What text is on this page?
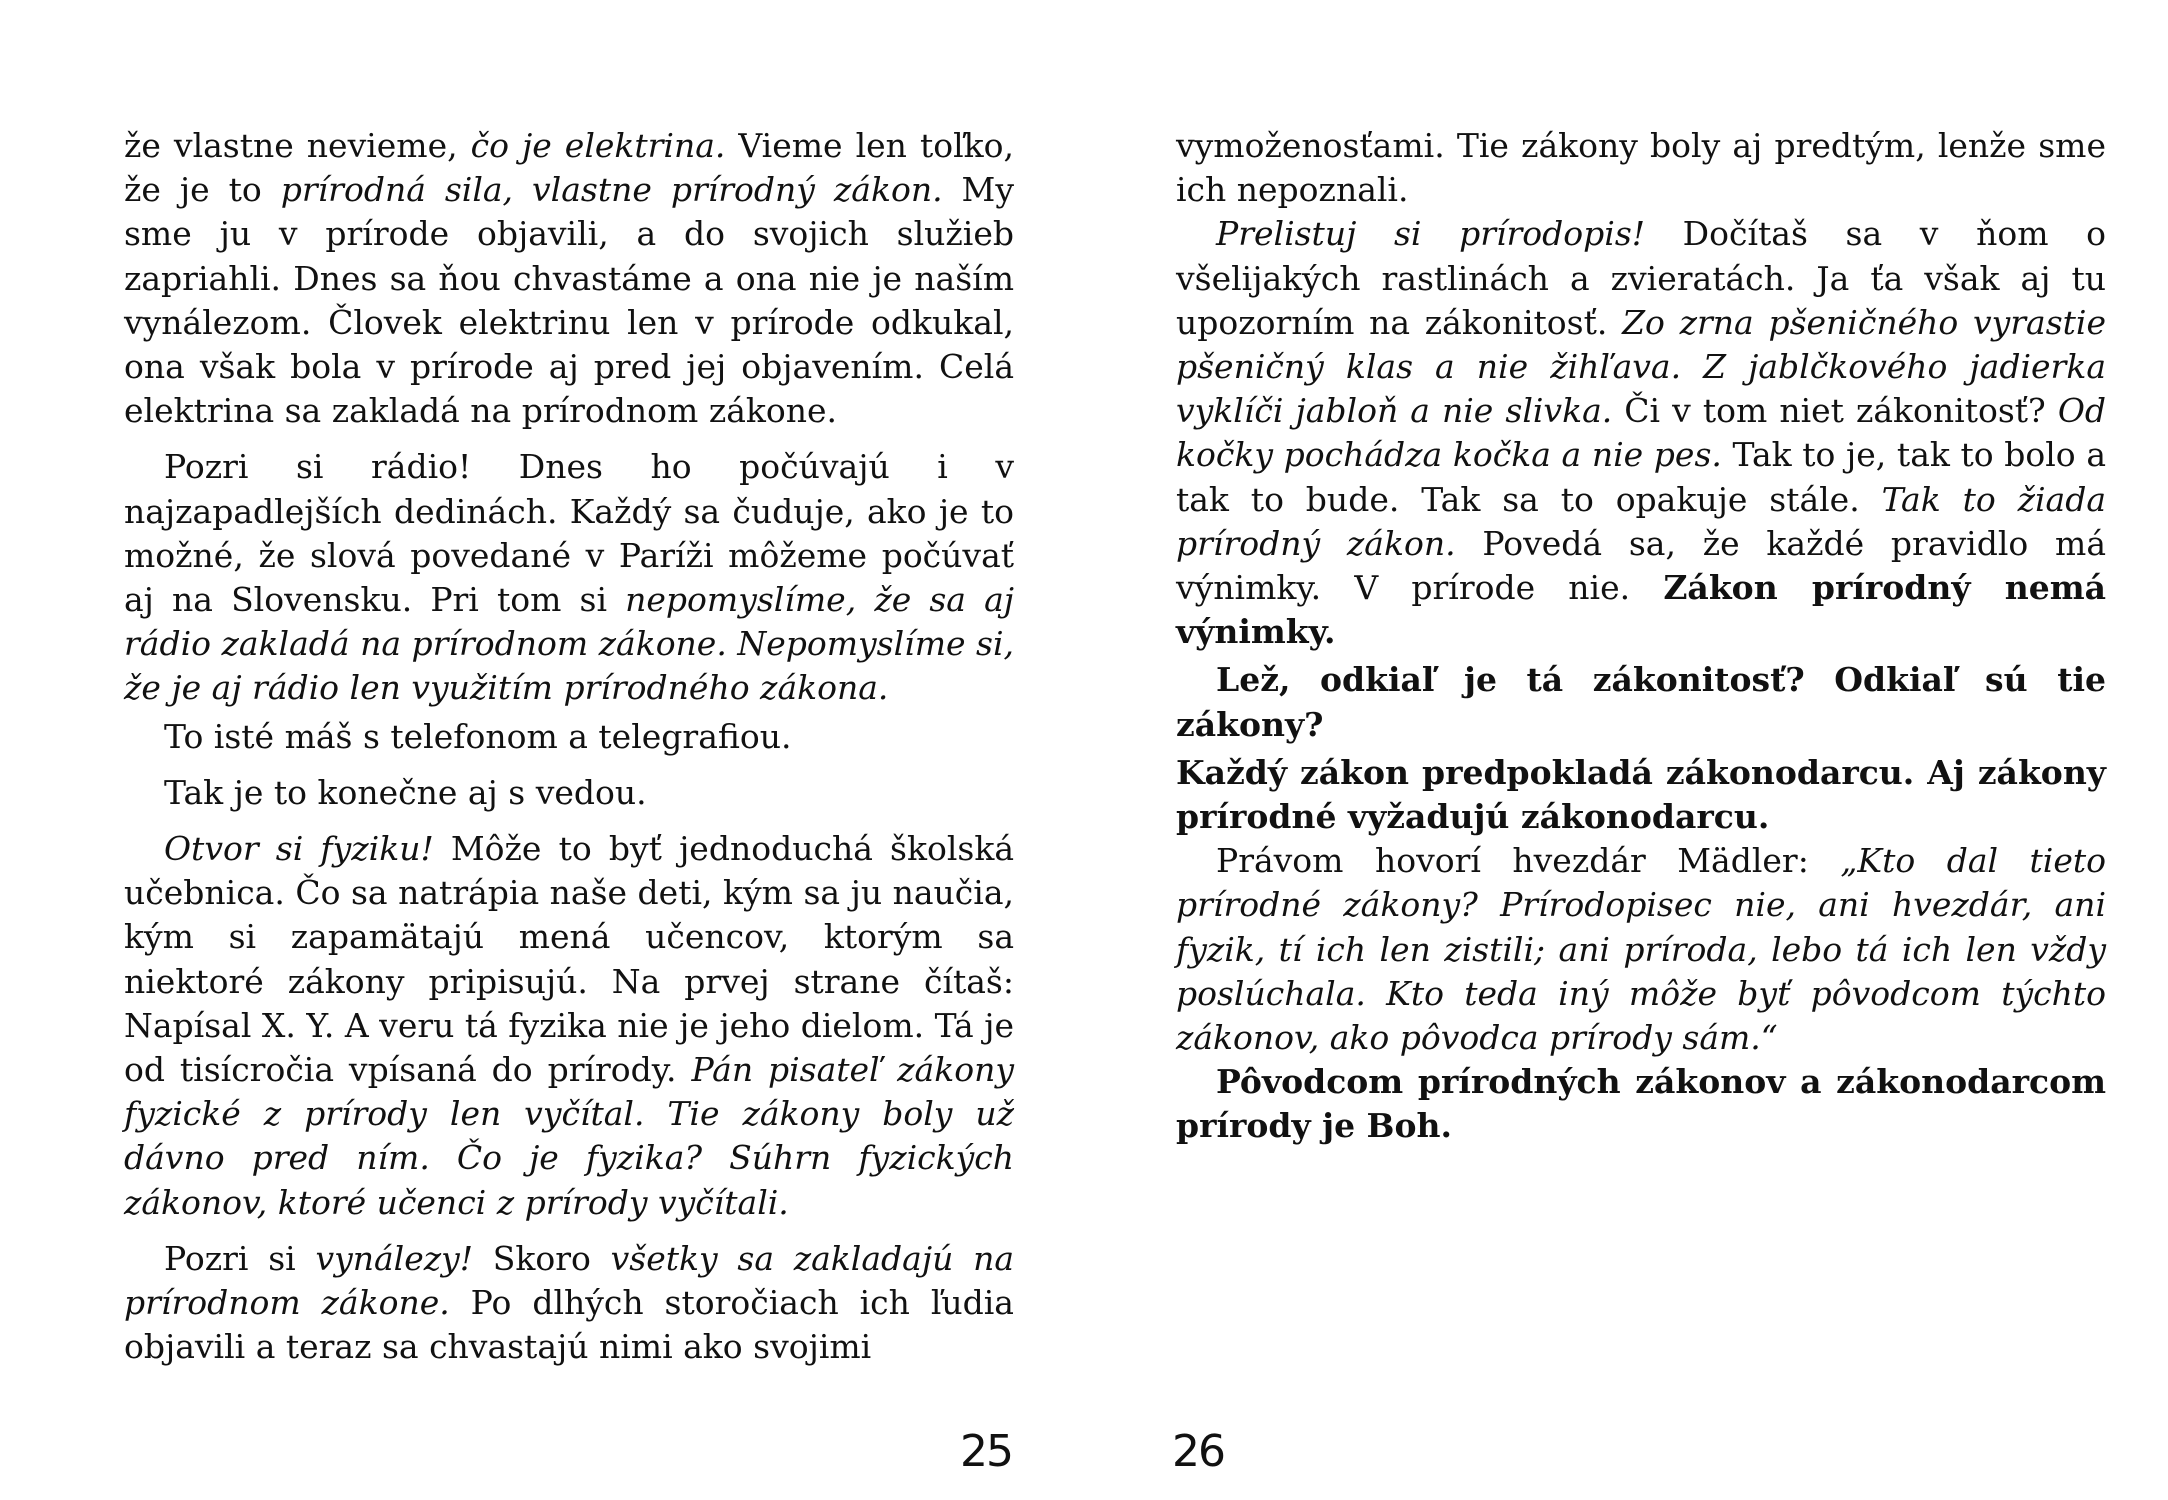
že vlastne nevieme, čo je elektrina. Vieme len toľko, že je to prírodná sila, vlastne prírodný zákon. My sme ju v prírode objavili, a do svojich služieb zapriahli. Dnes sa ňou chvastáme a ona nie je naším vynálezom. Človek elektrinu len v prírode odkukal, ona však bola v prírode aj pred jej objavením. Celá elektrina sa zakladá na prírodnom zákone.

Pozri si rádio! Dnes ho počúvajú i v najzapadlejších dedinách. Každý sa čuduje, ako je to možné, že slová povedané v Paríži môžeme počúvať aj na Slovensku. Pri tom si nepomyslíme, že sa aj rádio zakladá na prírodnom zákone. Nepomyslíme si, že je aj rádio len využitím prírodného zákona.

To isté máš s telefonom a telegrafiou.

Tak je to konečne aj s vedou.

Otvor si fyziku! Môže to byť jednoduchá školská učebnica. Čo sa natrápia naše deti, kým sa ju naučia, kým si zapamätajú mená učencov, ktorým sa niektoré zákony pripisujú. Na prvej strane čítaš: Napísal X. Y. A veru tá fyzika nie je jeho dielom. Tá je od tisícročia vpísaná do prírody. Pán pisateľ zákony fyzické z prírody len vyčítal. Tie zákony boly už dávno pred ním. Čo je fyzika? Súhrn fyzických zákonov, ktoré učenci z prírody vyčítali.

Pozri si vynálezy! Skoro všetky sa zakladajú na prírodnom zákone. Po dlhých storočiach ich ľudia objavili a teraz sa chvastajú nimi ako svojimi

vymoženosťami. Tie zákony boly aj predtým, lenže sme ich nepoznali.

Prelistuj si prírodopis! Dočítaš sa v ňom o všelijakých rastlinách a zvieratách. Ja ťa však aj tu upozorním na zákonitosť. Zo zrna pšeničného vyrastie pšeničný klas a nie žihľava. Z jablčkového jadierka vyklíči jabloň a nie slivka. Či v tom niet zákonitosť? Od kočky pochádza kočka a nie pes. Tak to je, tak to bolo a tak to bude. Tak sa to opakuje stále. Tak to žiada prírodný zákon. Povedá sa, že každé pravidlo má výnimky. V prírode nie. Zákon prírodný nemá výnimky.

Lež, odkiaľ je tá zákonitosť? Odkiaľ sú tie zákony?

Každý zákon predpokladá zákonodarcu. Aj zákony prírodné vyžadujú zákonodarcu.

Právom hovorí hvezdár Mädler: „Kto dal tieto prírodné zákony? Prírodopisec nie, ani hvezdár, ani fyzik, tí ich len zistili; ani príroda, lebo tá ich len vždy poslúchala. Kto teda iný môže byť pôvodcom týchto zákonov, ako pôvodca prírody sám.“

Pôvodcom prírodných zákonov a zákonodarcom prírody je Boh.

25	26
